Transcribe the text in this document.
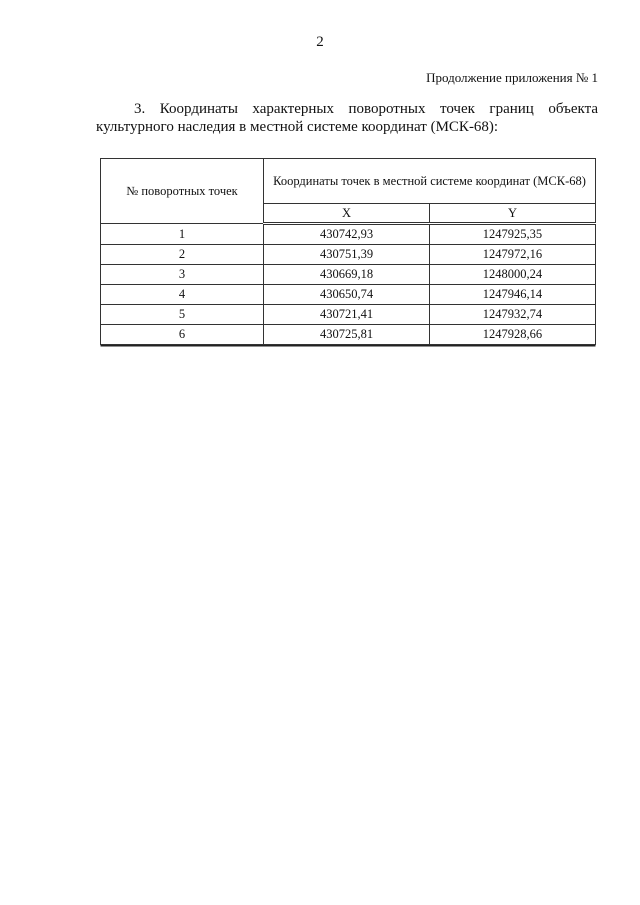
2
Продолжение приложения № 1
3. Координаты характерных поворотных точек границ объекта
культурного наследия в местной системе координат (МСК-68):
№ поворотных точек	Координаты точек в местной системе координат (МСК-68)	
	X	Y
1	430742,93	1247925,35
2	430751,39	1247972,16
3	430669,18	1248000,24
4	430650,74	1247946,14
5	430721,41	1247932,74
6	430725,81	1247928,66
